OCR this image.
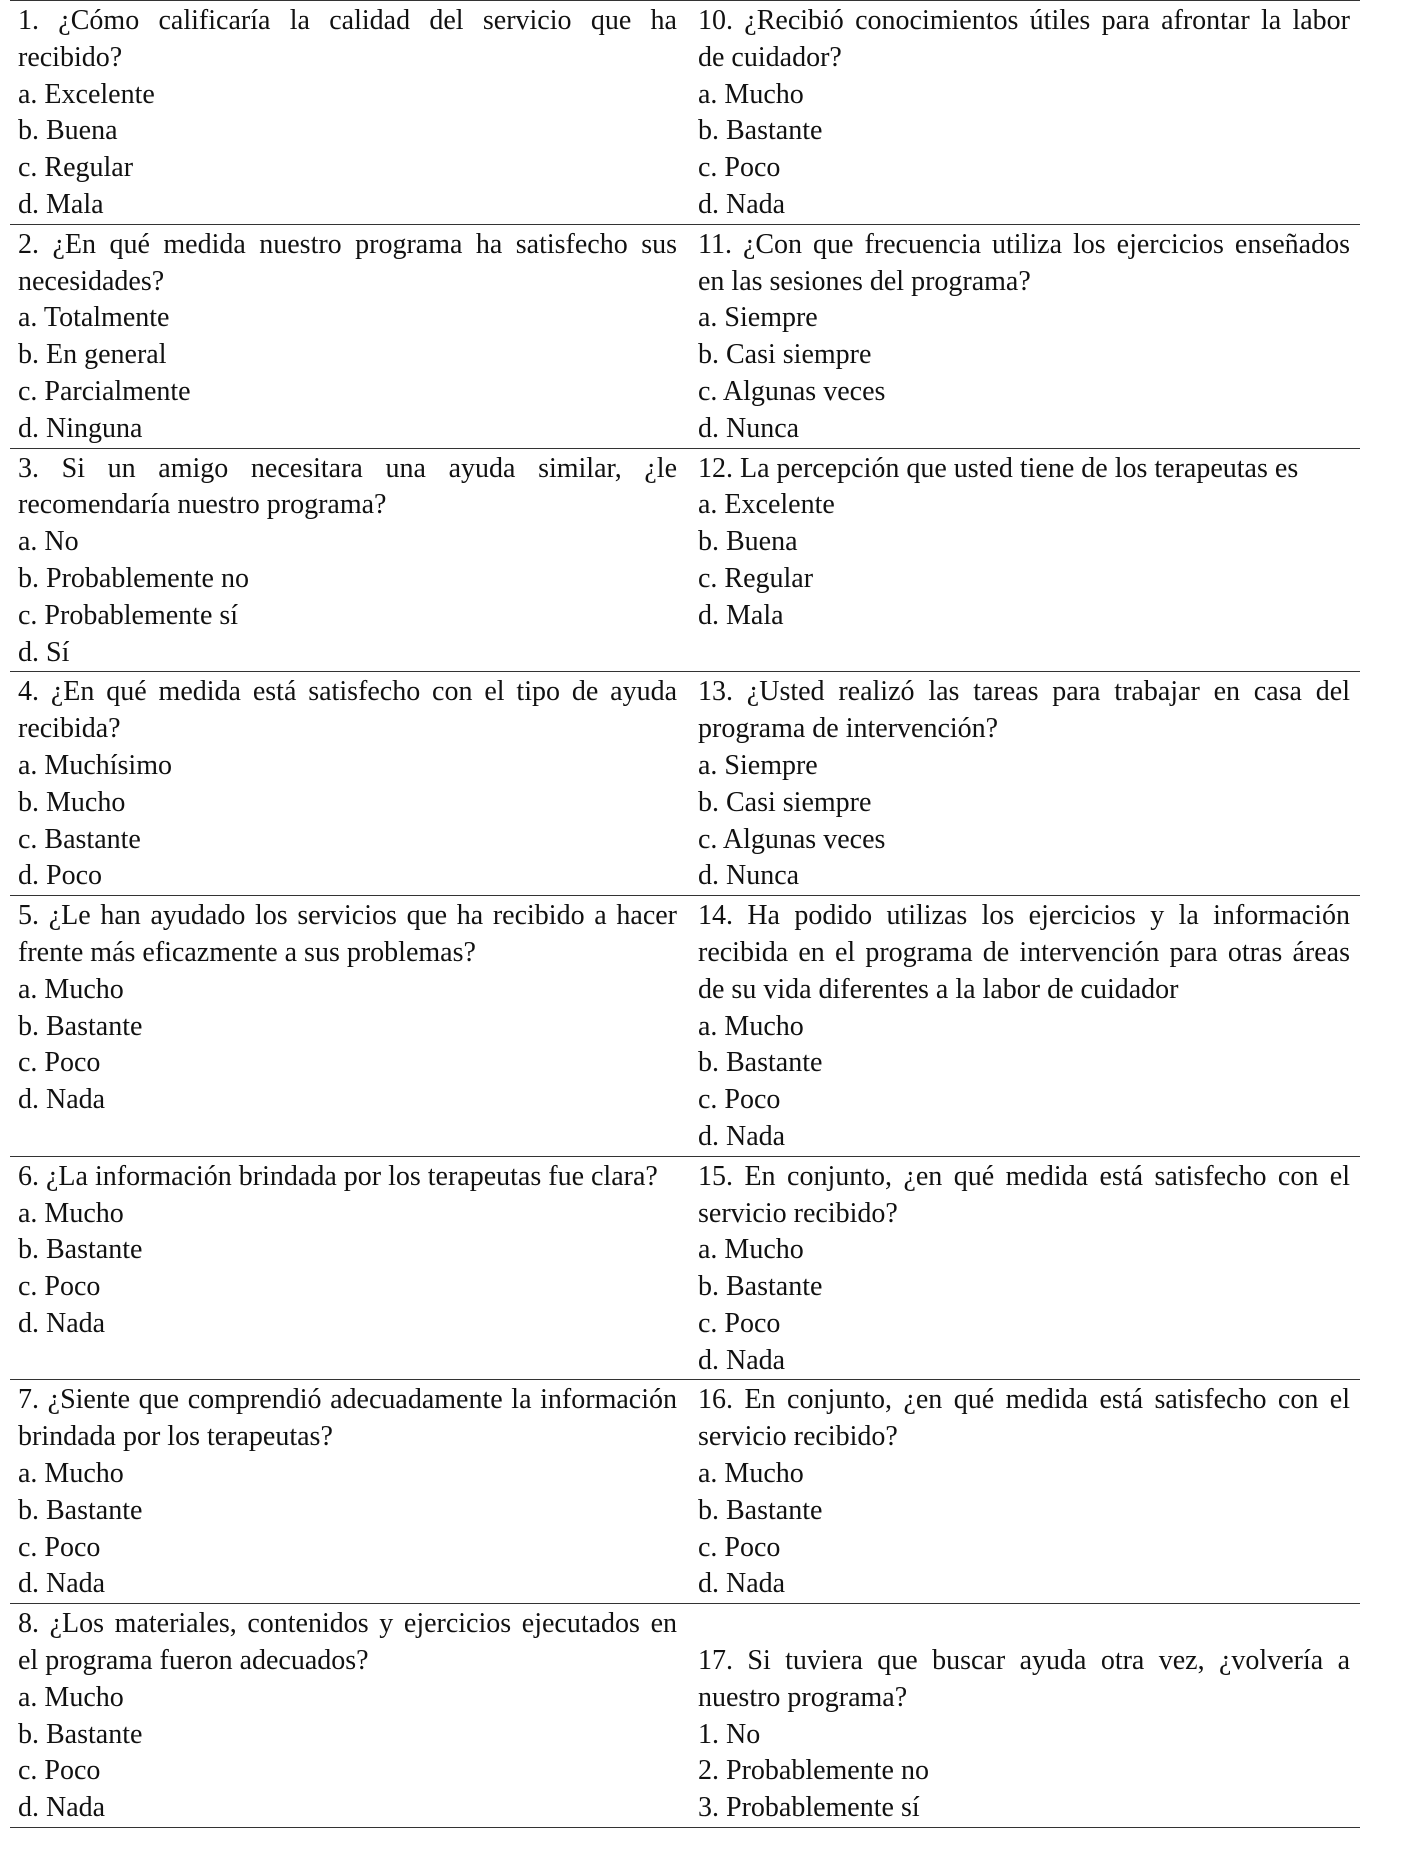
1. ¿Cómo calificaría la calidad del servicio que ha recibido?

a. Excelente

b. Buena

c. Regular

d. Mala

10. ¿Recibió conocimientos útiles para afrontar la labor de cuidador?

a. Mucho

b. Bastante

c. Poco

d. Nada

2. ¿En qué medida nuestro programa ha satisfecho sus necesidades?

a. Totalmente

b. En general

c. Parcialmente

d. Ninguna

11. ¿Con que frecuencia utiliza los ejercicios enseñados en las sesiones del programa?

a. Siempre

b. Casi siempre

c. Algunas veces

d. Nunca

3. Si un amigo necesitara una ayuda similar, ¿le recomendaría nuestro programa?

a. No

b. Probablemente no

c. Probablemente sí

d. Sí

12. La percepción que usted tiene de los terapeutas es

a. Excelente

b. Buena

c. Regular

d. Mala

4. ¿En qué medida está satisfecho con el tipo de ayuda recibida?

a. Muchísimo

b. Mucho

c. Bastante

d. Poco

13. ¿Usted realizó las tareas para trabajar en casa del programa de intervención?

a. Siempre

b. Casi siempre

c. Algunas veces

d. Nunca

5. ¿Le han ayudado los servicios que ha recibido a hacer frente más eficazmente a sus problemas?

a. Mucho

b. Bastante

c. Poco

d. Nada

14. Ha podido utilizas los ejercicios y la información recibida en el programa de intervención para otras áreas de su vida diferentes a la labor de cuidador

a. Mucho

b. Bastante

c. Poco

d. Nada

6. ¿La información brindada por los terapeutas fue clara?

a. Mucho

b. Bastante

c. Poco

d. Nada

15. En conjunto, ¿en qué medida está satisfecho con el servicio recibido?

a. Mucho

b. Bastante

c. Poco

d. Nada

7. ¿Siente que comprendió adecuadamente la información brindada por los terapeutas?

a. Mucho

b. Bastante

c. Poco

d. Nada

16. En conjunto, ¿en qué medida está satisfecho con el servicio recibido?

a. Mucho

b. Bastante

c. Poco

d. Nada

8. ¿Los materiales, contenidos y ejercicios ejecutados en el programa fueron adecuados?

a. Mucho

b. Bastante

c. Poco

d. Nada

17. Si tuviera que buscar ayuda otra vez, ¿volvería a nuestro programa?

1. No

2. Probablemente no

3. Probablemente sí
